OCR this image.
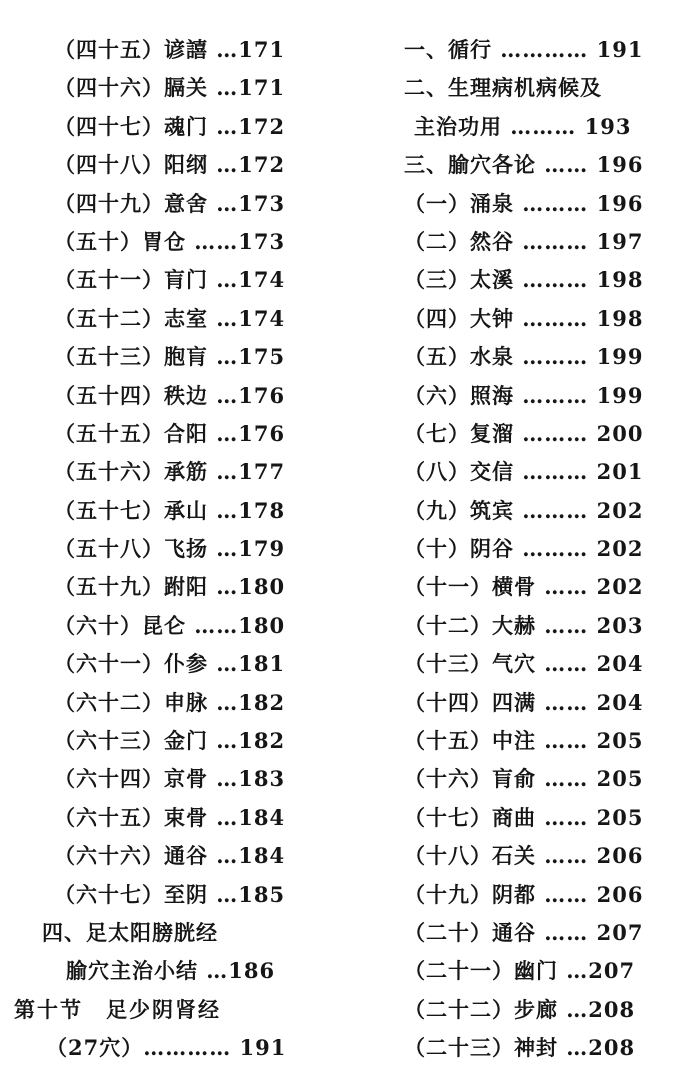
（四十五）谚譆 …171
（四十六）膈关 …171
（四十七）魂门 …172
（四十八）阳纲 …172
（四十九）意舍 …173
（五十）胃仓 ……173
（五十一）肓门 …174
（五十二）志室 …174
（五十三）胞肓 …175
（五十四）秩边 …176
（五十五）合阳 …176
（五十六）承筋 …177
（五十七）承山 …178
（五十八）飞扬 …179
（五十九）跗阳 …180
（六十）昆仑 ……180
（六十一）仆参 …181
（六十二）申脉 …182
（六十三）金门 …182
（六十四）京骨 …183
（六十五）束骨 …184
（六十六）通谷 …184
（六十七）至阴 …185
四、足太阳膀胱经
腧穴主治小结 …186
第十节　足少阴肾经
（27穴）………… 191
一、循行 ………… 191
二、生理病机病候及
主治功用 ……… 193
三、腧穴各论 …… 196
（一）涌泉 ……… 196
（二）然谷 ……… 197
（三）太溪 ……… 198
（四）大钟 ……… 198
（五）水泉 ……… 199
（六）照海 ……… 199
（七）复溜 ……… 200
（八）交信 ……… 201
（九）筑宾 ……… 202
（十）阴谷 ……… 202
（十一）横骨 …… 202
（十二）大赫 …… 203
（十三）气穴 …… 204
（十四）四满 …… 204
（十五）中注 …… 205
（十六）肓俞 …… 205
（十七）商曲 …… 205
（十八）石关 …… 206
（十九）阴都 …… 206
（二十）通谷 …… 207
（二十一）幽门 …207
（二十二）步廊 …208
（二十三）神封 …208
